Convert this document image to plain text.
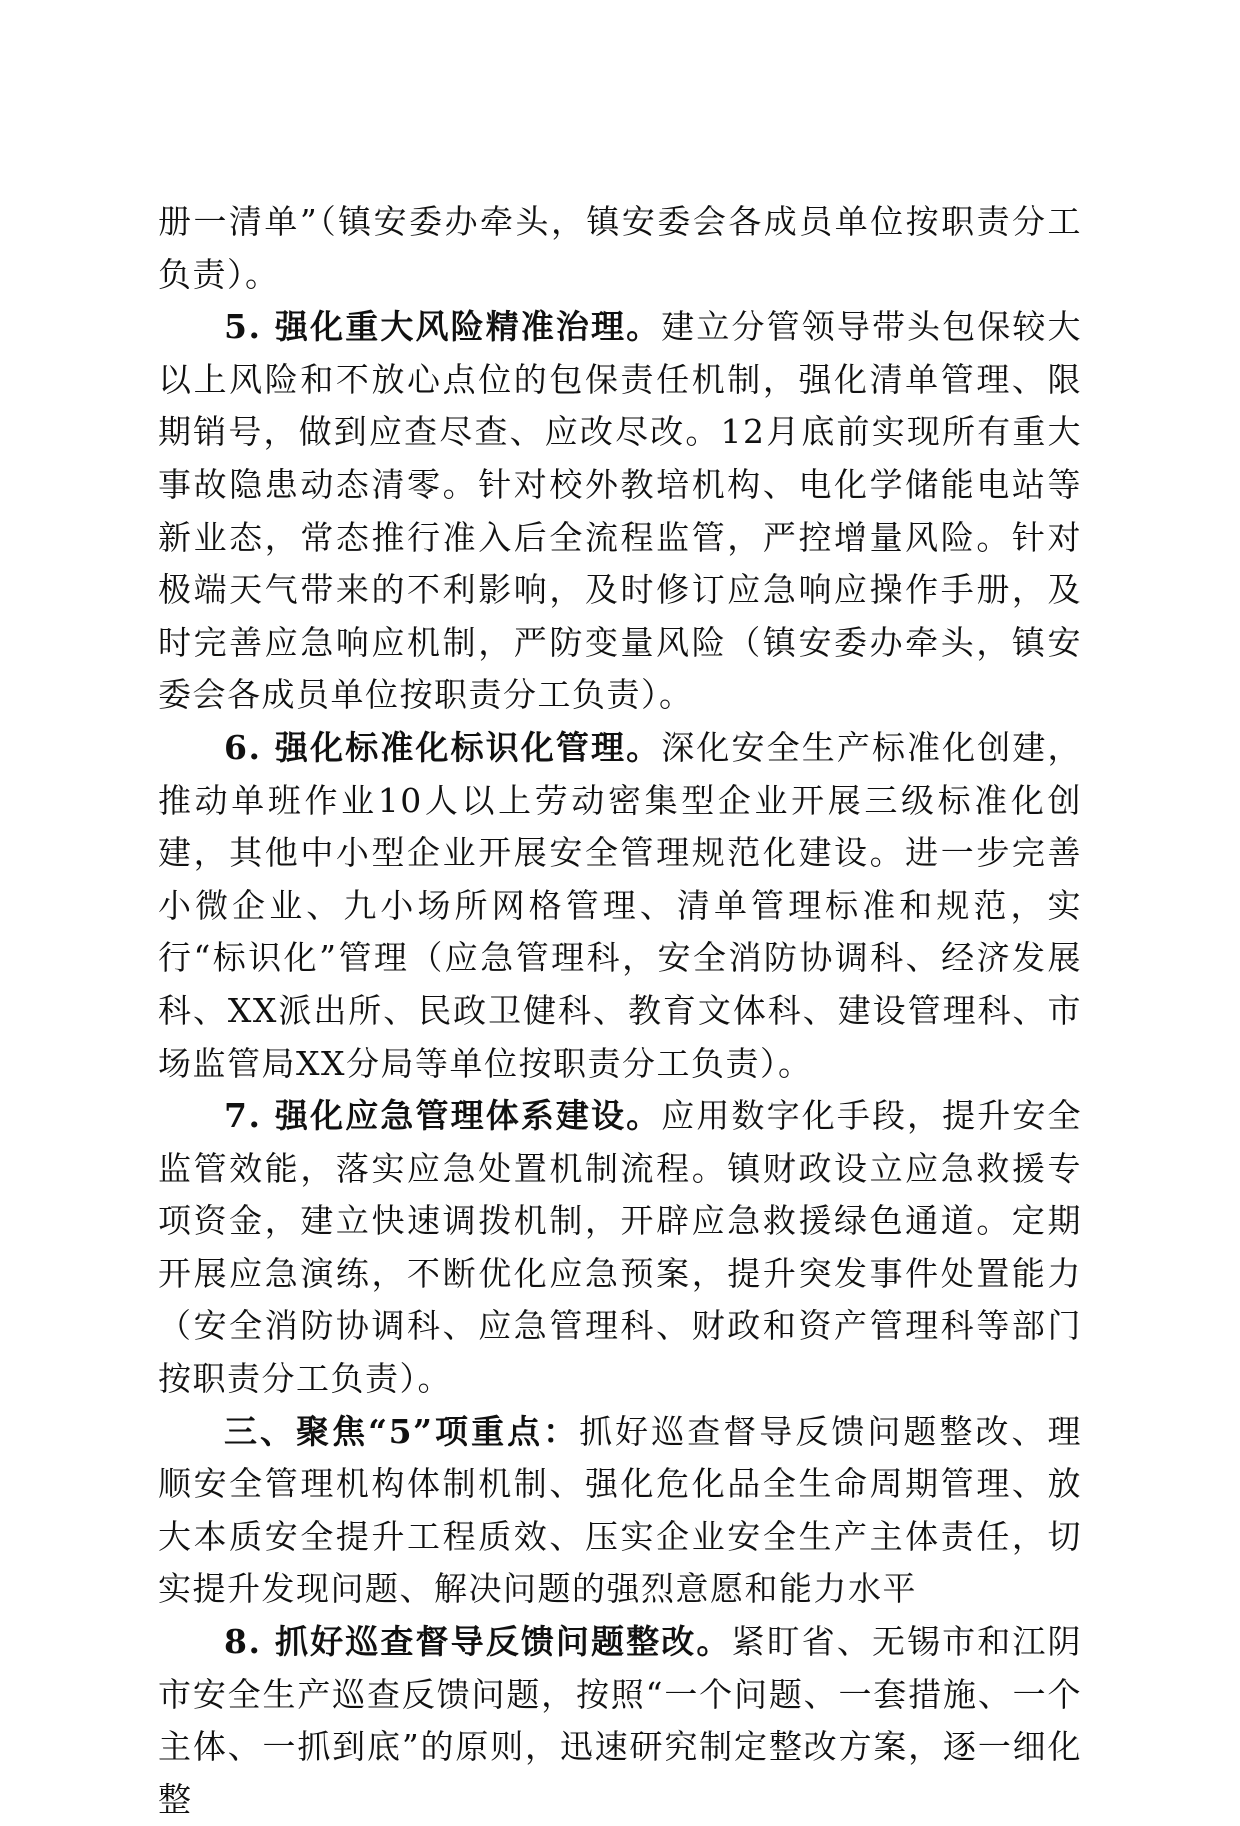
册一清单”（镇安委办牵头，镇安委会各成员单位按职责分工负责）。

5. 强化重大风险精准治理。建立分管领导带头包保较大以上风险和不放心点位的包保责任机制，强化清单管理、限期销号，做到应查尽查、应改尽改。12月底前实现所有重大事故隐患动态清零。针对校外教培机构、电化学储能电站等新业态，常态推行准入后全流程监管，严控增量风险。针对极端天气带来的不利影响，及时修订应急响应操作手册，及时完善应急响应机制，严防变量风险（镇安委办牵头，镇安委会各成员单位按职责分工负责）。

6. 强化标准化标识化管理。深化安全生产标准化创建，推动单班作业10人以上劳动密集型企业开展三级标准化创建，其他中小型企业开展安全管理规范化建设。进一步完善小微企业、九小场所网格管理、清单管理标准和规范，实行“标识化”管理（应急管理科，安全消防协调科、经济发展科、XX派出所、民政卫健科、教育文体科、建设管理科、市场监管局XX分局等单位按职责分工负责）。

7. 强化应急管理体系建设。应用数字化手段，提升安全监管效能，落实应急处置机制流程。镇财政设立应急救援专项资金，建立快速调拨机制，开辟应急救援绿色通道。定期开展应急演练，不断优化应急预案，提升突发事件处置能力（安全消防协调科、应急管理科、财政和资产管理科等部门按职责分工负责）。

三、聚焦“5”项重点：抓好巡查督导反馈问题整改、理顺安全管理机构体制机制、强化危化品全生命周期管理、放大本质安全提升工程质效、压实企业安全生产主体责任，切实提升发现问题、解决问题的强烈意愿和能力水平

8. 抓好巡查督导反馈问题整改。紧盯省、无锡市和江阴市安全生产巡查反馈问题，按照“一个问题、一套措施、一个主体、一抓到底”的原则，迅速研究制定整改方案，逐一细化整
